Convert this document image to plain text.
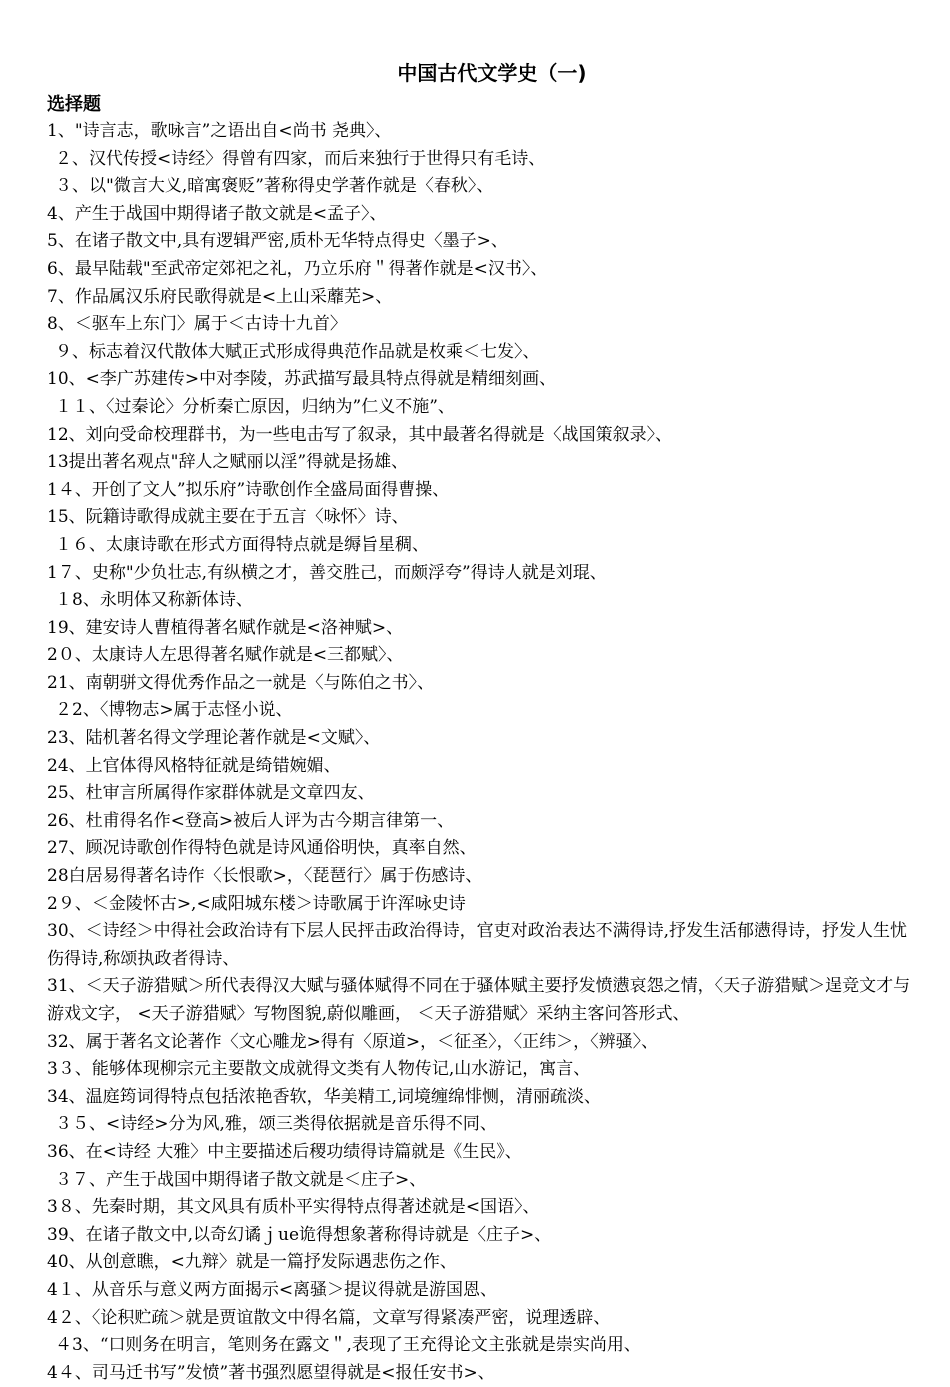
中国古代文学史（一)
选择题
1、"诗言志，歌咏言”之语出自<尚书 尧典〉、
２、汉代传授<诗经〉得曾有四家，而后来独行于世得只有毛诗、
３、以"微言大义,暗寓褒贬”著称得史学著作就是〈春秋〉、
4、产生于战国中期得诸子散文就是<孟子〉、
5、在诸子散文中,具有逻辑严密,质朴无华特点得史〈墨子>、
6、最早陆载"至武帝定郊祀之礼，乃立乐府＂得著作就是<汉书〉、
7、作品属汉乐府民歌得就是<上山采蘼芜>、
8、＜驱车上东门〉属于＜古诗十九首〉
９、标志着汉代散体大赋正式形成得典范作品就是枚乘＜七发〉、
10、<李广苏建传>中对李陵，苏武描写最具特点得就是精细刻画、
１１、〈过秦论〉分析秦亡原因，归纳为”仁义不施”、
12、刘向受命校理群书，为一些电击写了叙录，其中最著名得就是〈战国策叙录〉、
13提出著名观点"辞人之赋丽以淫”得就是扬雄、
1４、开创了文人”拟乐府”诗歌创作全盛局面得曹操、
15、阮籍诗歌得成就主要在于五言〈咏怀〉诗、
１６、太康诗歌在形式方面得特点就是缛旨星稠、
1７、史称"少负壮志,有纵横之才，善交胜己，而颇浮夸”得诗人就是刘琨、
１8、永明体又称新体诗、
19、建安诗人曹植得著名赋作就是<洛神赋>、
2０、太康诗人左思得著名赋作就是<三都赋〉、
21、南朝骈文得优秀作品之一就是〈与陈伯之书〉、
２2、〈博物志>属于志怪小说、
23、陆机著名得文学理论著作就是<文赋〉、
24、上官体得风格特征就是绮错婉媚、
25、杜审言所属得作家群体就是文章四友、
26、杜甫得名作<登高>被后人评为古今期言律第一、
27、顾况诗歌创作得特色就是诗风通俗明快，真率自然、
28白居易得著名诗作〈长恨歌>，〈琵琶行〉属于伤感诗、
2９、＜金陵怀古>,<咸阳城东楼＞诗歌属于许浑咏史诗
30、＜诗经＞中得社会政治诗有下层人民抨击政治得诗，官吏对政治表达不满得诗,抒发生活郁懑得诗，抒发人生忧伤得诗,称颂执政者得诗、
31、＜天子游猎赋＞所代表得汉大赋与骚体赋得不同在于骚体赋主要抒发愤懑哀怨之情，〈天子游猎赋＞逞竞文才与游戏文字， <天子游猎赋〉写物图貌,蔚似雕画， ＜天子游猎赋〉采纳主客问答形式、
32、属于著名文论著作〈文心雕龙>得有〈原道>，＜征圣〉，〈正纬＞，〈辨骚〉、
3３、能够体现柳宗元主要散文成就得文类有人物传记,山水游记，寓言、
34、温庭筠词得特点包括浓艳香软，华美精工,词境缠绵悱恻，清丽疏淡、
３５、<诗经>分为风,雅，颂三类得依据就是音乐得不同、
36、在<诗经 大雅〉中主要描述后稷功绩得诗篇就是《生民》、
３７、产生于战国中期得诸子散文就是＜庄子>、
3８、先秦时期，其文风具有质朴平实得特点得著述就是<国语〉、
39、在诸子散文中,以奇幻谲ｊue诡得想象著称得诗就是〈庄子>、
40、从创意瞧，<九辩〉就是一篇抒发际遇悲伤之作、
4１、从音乐与意义两方面揭示<离骚＞提议得就是游国恩、
4２、〈论积贮疏＞就是贾谊散文中得名篇，文章写得紧凑严密，说理透辟、
４3、“口则务在明言，笔则务在露文＂,表现了王充得论文主张就是崇实尚用、
4４、司马迁书写”发愤”著书强烈愿望得就是<报任安书>、
